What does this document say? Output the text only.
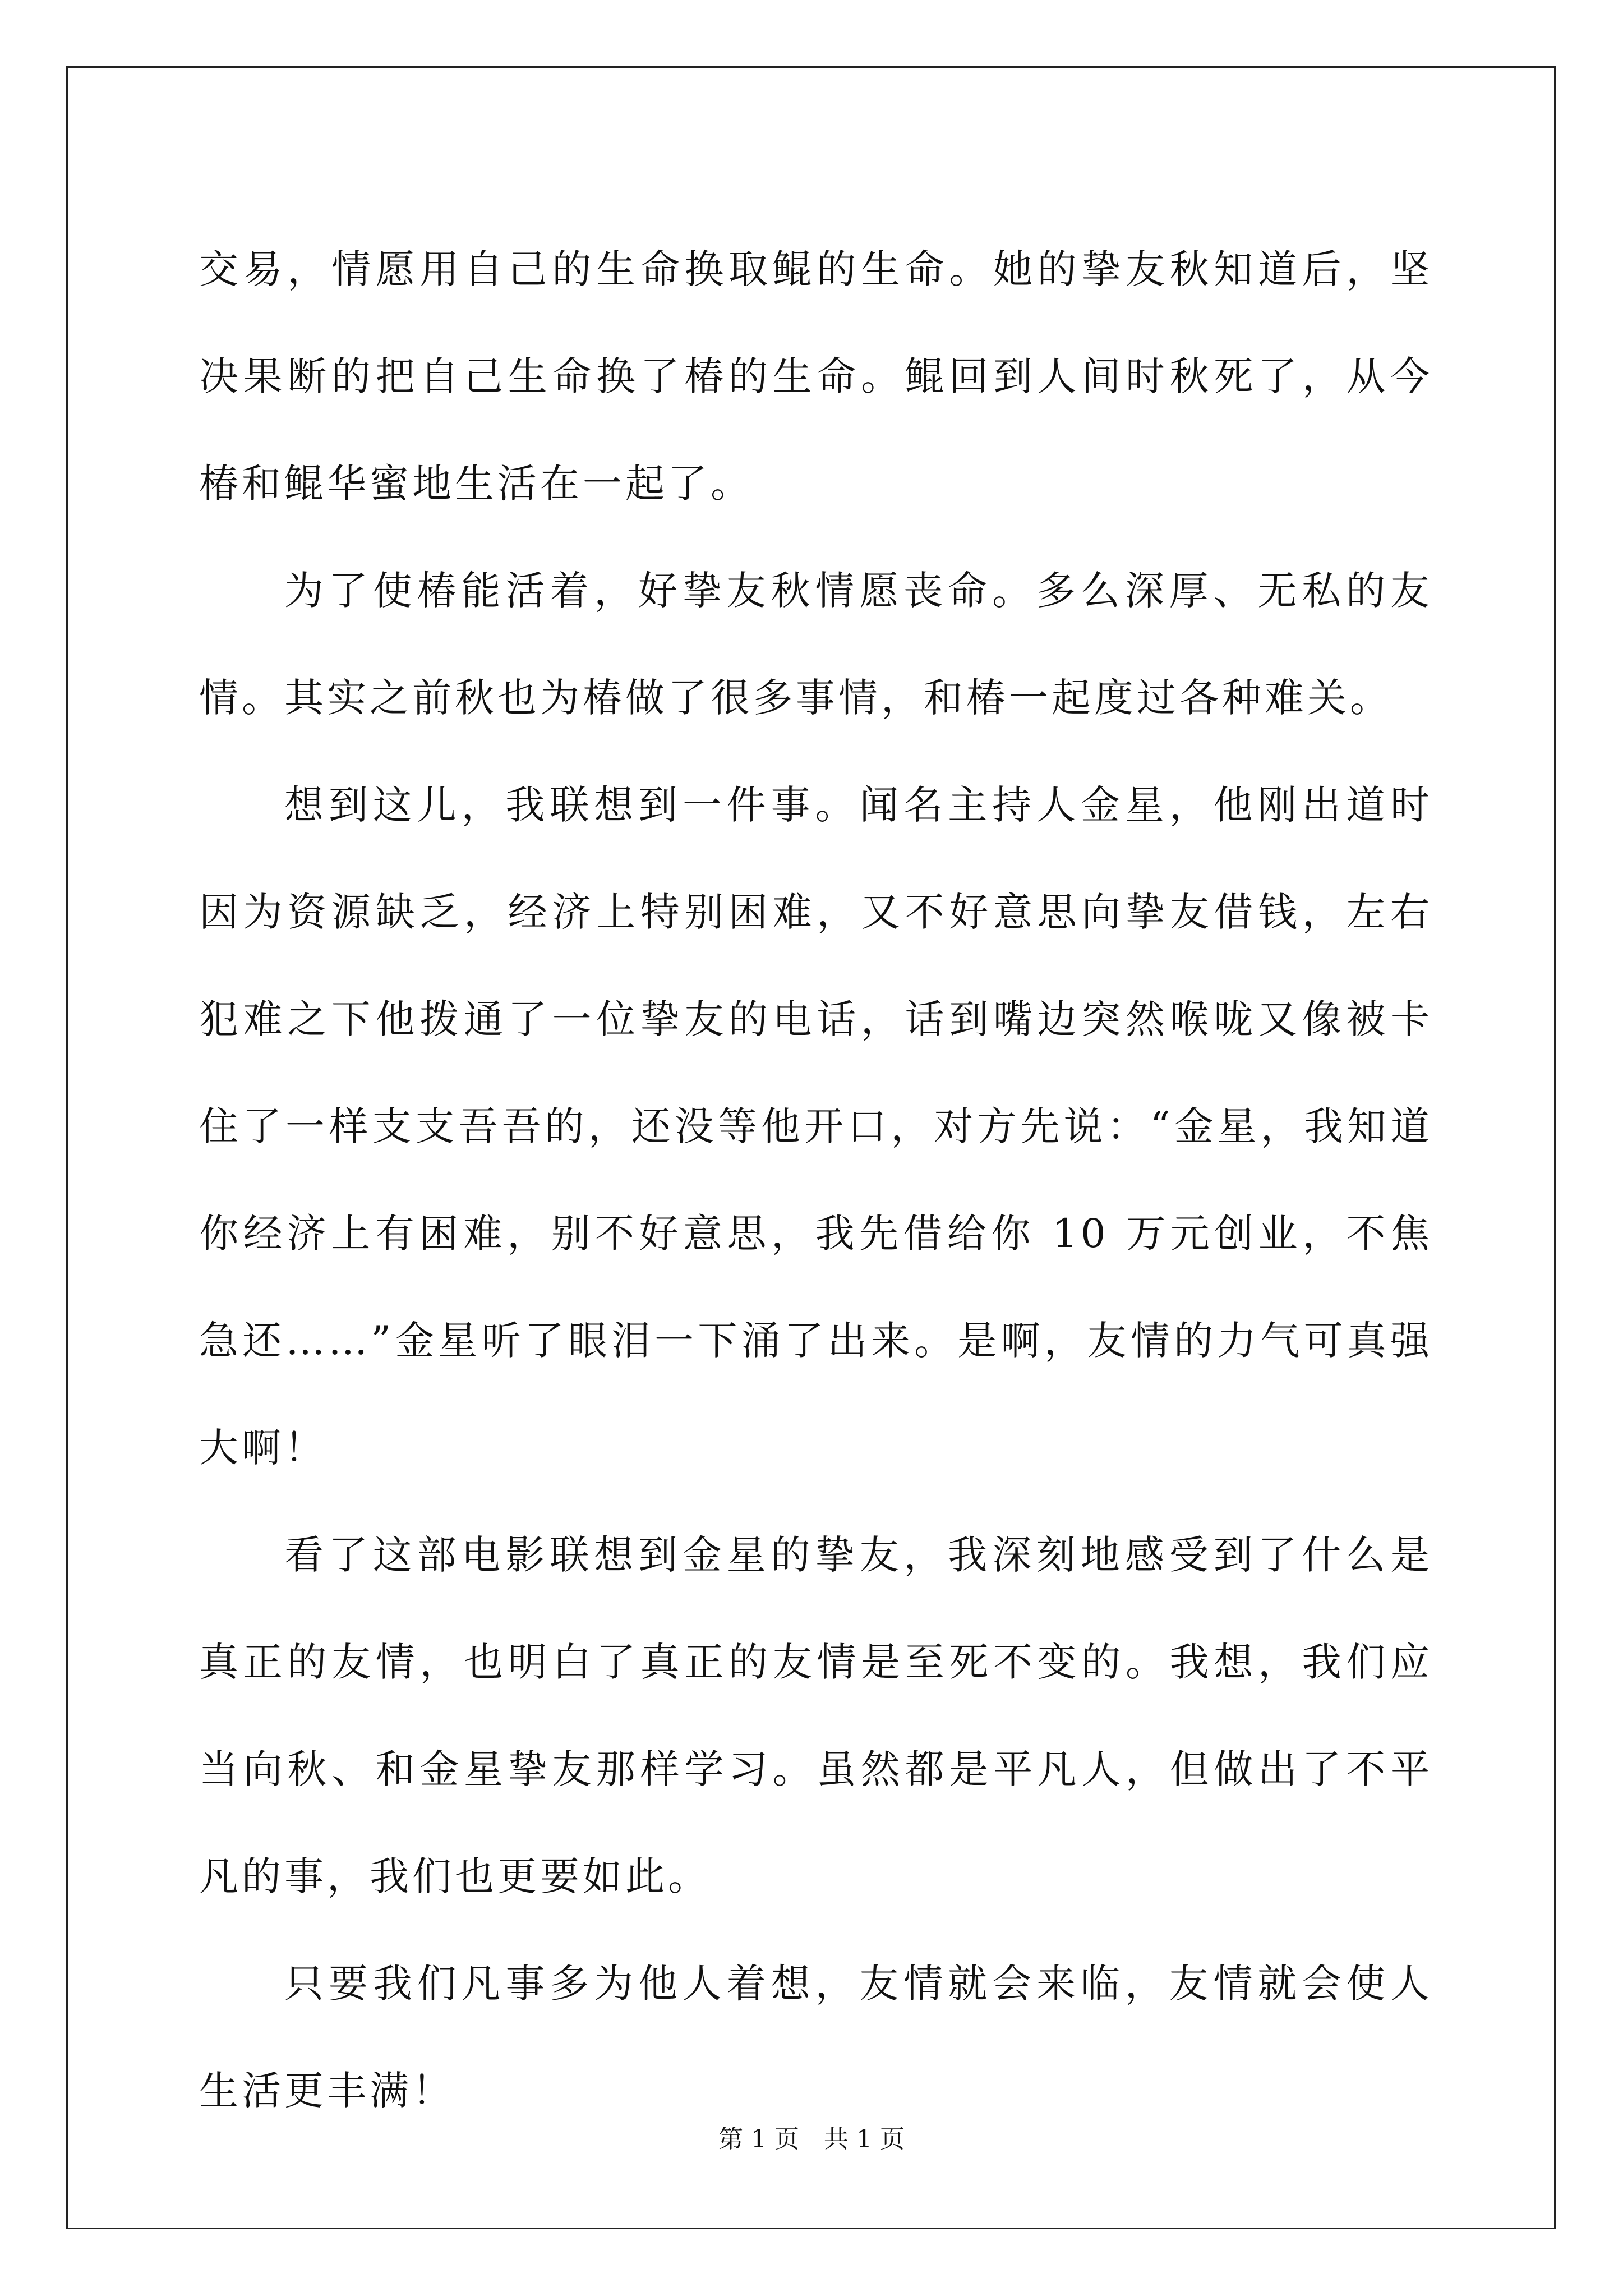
交易，情愿用自己的生命换取鲲的生命。她的挚友秋知道后，坚决果断的把自己生命换了椿的生命。鲲回到人间时秋死了，从今椿和鲲华蜜地生活在一起了。

为了使椿能活着，好挚友秋情愿丧命。多么深厚、无私的友情。其实之前秋也为椿做了很多事情，和椿一起度过各种难关。

想到这儿，我联想到一件事。闻名主持人金星，他刚出道时因为资源缺乏，经济上特别困难，又不好意思向挚友借钱，左右犯难之下他拨通了一位挚友的电话，话到嘴边突然喉咙又像被卡住了一样支支吾吾的，还没等他开口，对方先说：“金星，我知道你经济上有困难，别不好意思，我先借给你 10 万元创业，不焦急还……”金星听了眼泪一下涌了出来。是啊，友情的力气可真强大啊！

看了这部电影联想到金星的挚友，我深刻地感受到了什么是真正的友情，也明白了真正的友情是至死不变的。我想，我们应当向秋、和金星挚友那样学习。虽然都是平凡人，但做出了不平凡的事，我们也更要如此。

只要我们凡事多为他人着想，友情就会来临，友情就会使人生活更丰满！

第 1 页　共 1 页
